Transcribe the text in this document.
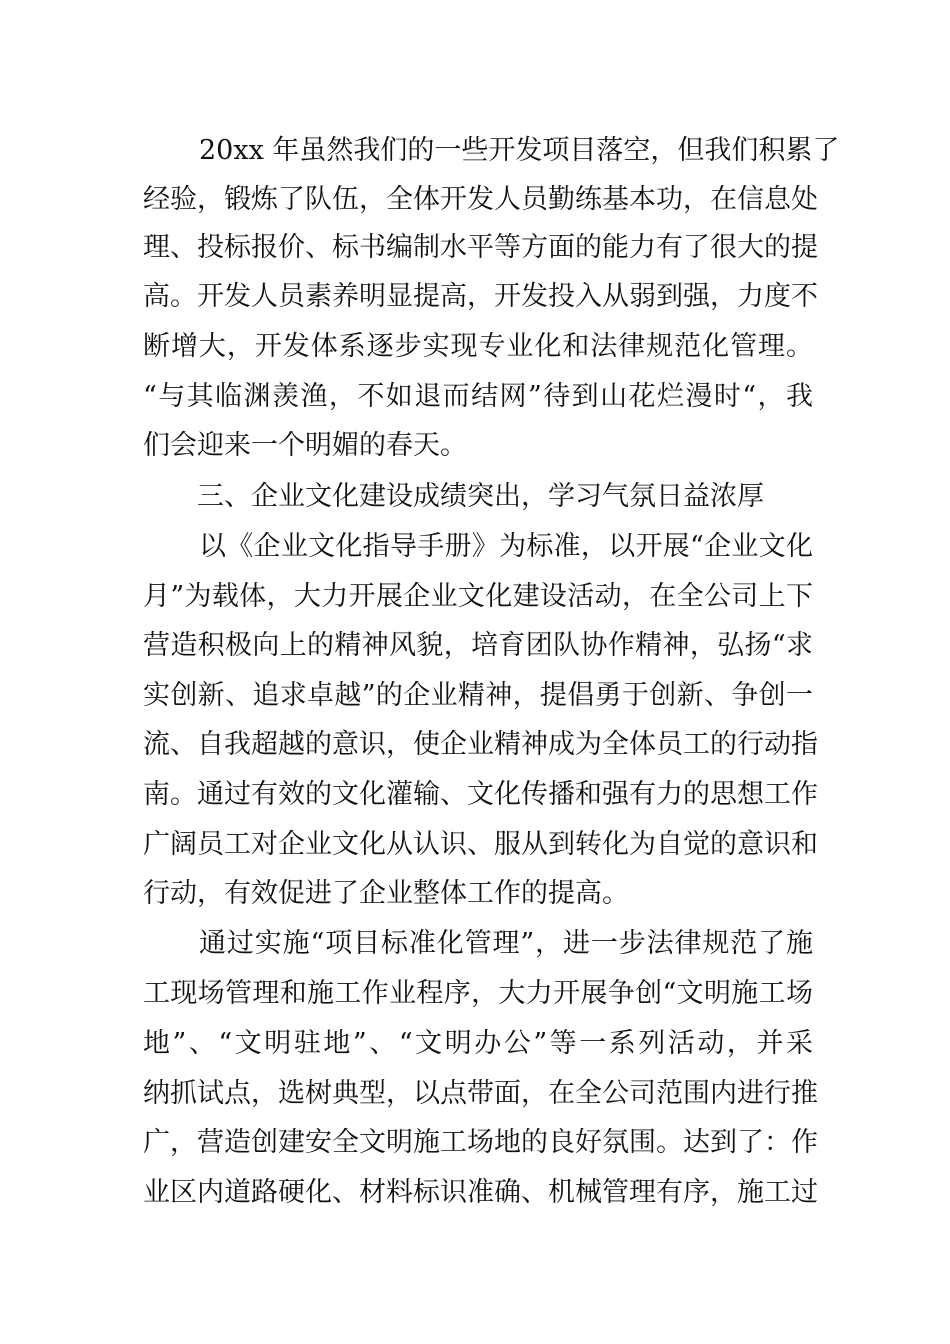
20xx 年虽然我们的一些开发项目落空，但我们积累了
经验，锻炼了队伍，全体开发人员勤练基本功，在信息处
理、投标报价、标书编制水平等方面的能力有了很大的提
高。开发人员素养明显提高，开发投入从弱到强，力度不
断增大，开发体系逐步实现专业化和法律规范化管理。
“与其临渊羡渔，不如退而结网”待到山花烂漫时“，我
们会迎来一个明媚的春天。
三、企业文化建设成绩突出，学习气氛日益浓厚
以《企业文化指导手册》为标准，以开展“企业文化
月”为载体，大力开展企业文化建设活动，在全公司上下
营造积极向上的精神风貌，培育团队协作精神，弘扬“求
实创新、追求卓越”的企业精神，提倡勇于创新、争创一
流、自我超越的意识，使企业精神成为全体员工的行动指
南。通过有效的文化灌输、文化传播和强有力的思想工作
广阔员工对企业文化从认识、服从到转化为自觉的意识和
行动，有效促进了企业整体工作的提高。
通过实施“项目标准化管理”，进一步法律规范了施
工现场管理和施工作业程序，大力开展争创“文明施工场
地”、“文明驻地”、“文明办公”等一系列活动，并采
纳抓试点，选树典型，以点带面，在全公司范围内进行推
广，营造创建安全文明施工场地的良好氛围。达到了：作
业区内道路硬化、材料标识准确、机械管理有序，施工过
